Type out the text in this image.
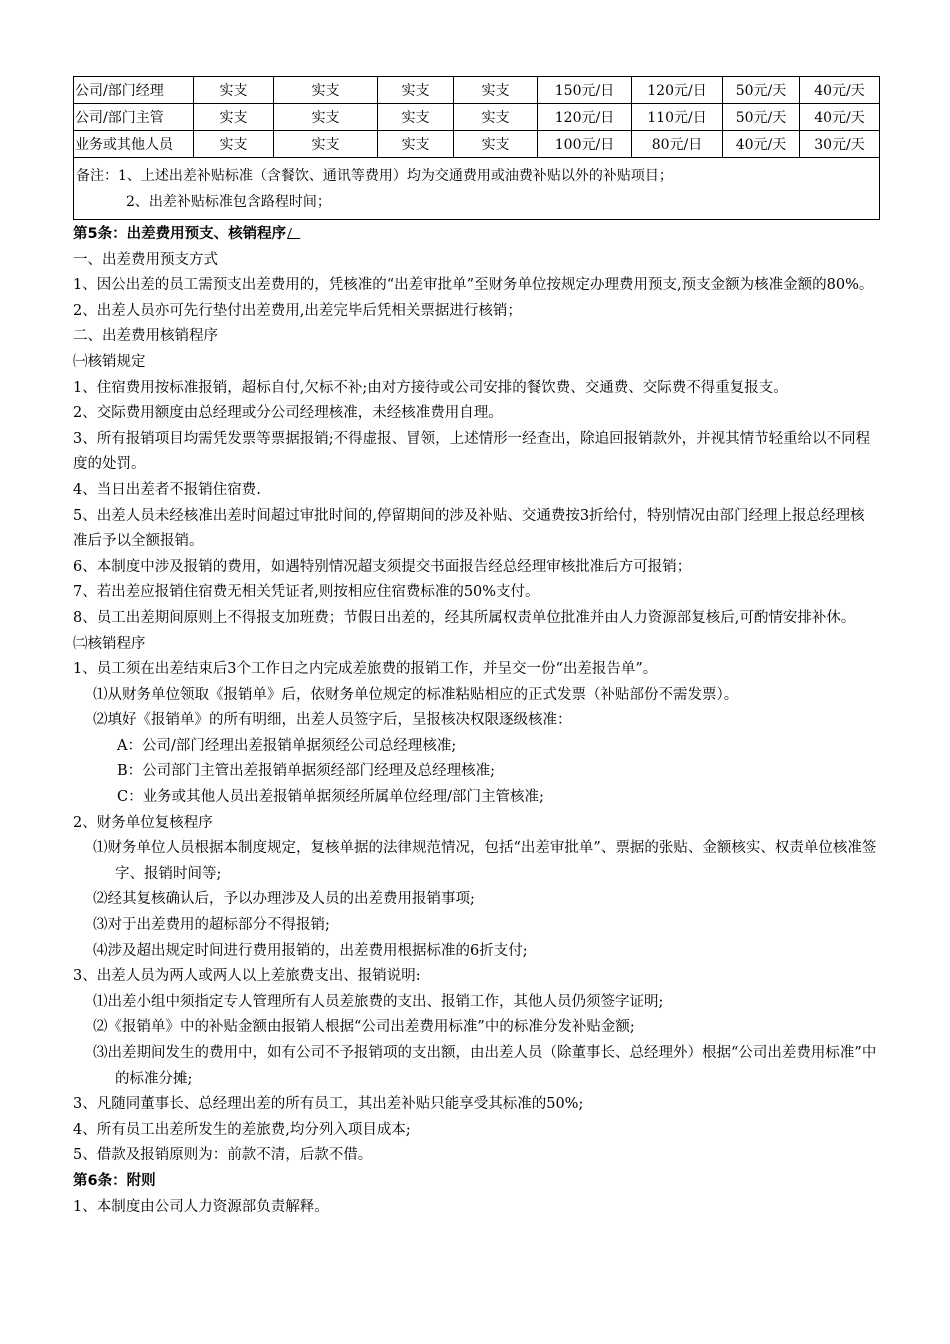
公司/部门经理	实支	实支	实支	实支	150元/日	120元/日	50元/天	40元/天
公司/部门主管	实支	实支	实支	实支	120元/日	110元/日	50元/天	40元/天
业务或其他人员	实支	实支	实支	实支	100元/日	80元/日	40元/天	30元/天

备注：1、上述出差补贴标准（含餐饮、通讯等费用）均为交通费用或油费补贴以外的补贴项目；
2、出差补贴标准包含路程时间；								

第5条：出差费用预支、核销程序

一、出差费用预支方式

1、因公出差的员工需预支出差费用的，凭核准的“出差审批单”至财务单位按规定办理费用预支,预支金额为核准金额的80%。

2、出差人员亦可先行垫付出差费用,出差完毕后凭相关票据进行核销；

二、出差费用核销程序

㈠核销规定

1、住宿费用按标准报销，超标自付,欠标不补;由对方接待或公司安排的餐饮费、交通费、交际费不得重复报支。

2、交际费用额度由总经理或分公司经理核准，未经核准费用自理。

3、所有报销项目均需凭发票等票据报销;不得虚报、冒领，上述情形一经查出，除追回报销款外，并视其情节轻重给以不同程度的处罚。

4、当日出差者不报销住宿费.

5、出差人员未经核准出差时间超过审批时间的,停留期间的涉及补贴、交通费按3折给付，特别情况由部门经理上报总经理核准后予以全额报销。

6、本制度中涉及报销的费用，如遇特别情况超支须提交书面报告经总经理审核批准后方可报销；

7、若出差应报销住宿费无相关凭证者,则按相应住宿费标准的50%支付。

8、员工出差期间原则上不得报支加班费；节假日出差的，经其所属权责单位批准并由人力资源部复核后,可酌情安排补休。

㈡核销程序

1、员工须在出差结束后3个工作日之内完成差旅费的报销工作，并呈交一份“出差报告单”。

⑴从财务单位领取《报销单》后，依财务单位规定的标准粘贴相应的正式发票（补贴部份不需发票）。

⑵填好《报销单》的所有明细，出差人员签字后，呈报核决权限逐级核准：

A：公司/部门经理出差报销单据须经公司总经理核准;

B：公司部门主管出差报销单据须经部门经理及总经理核准;

C：业务或其他人员出差报销单据须经所属单位经理/部门主管核准;

2、财务单位复核程序

⑴财务单位人员根据本制度规定，复核单据的法律规范情况，包括“出差审批单”、票据的张贴、金额核实、权责单位核准签字、报销时间等;

⑵经其复核确认后，予以办理涉及人员的出差费用报销事项;

⑶对于出差费用的超标部分不得报销;

⑷涉及超出规定时间进行费用报销的，出差费用根据标准的6折支付;

3、出差人员为两人或两人以上差旅费支出、报销说明:

⑴出差小组中须指定专人管理所有人员差旅费的支出、报销工作，其他人员仍须签字证明;

⑵《报销单》中的补贴金额由报销人根据“公司出差费用标准”中的标准分发补贴金额;

⑶出差期间发生的费用中，如有公司不予报销项的支出额，由出差人员（除董事长、总经理外）根据“公司出差费用标准”中的标准分摊;

3、凡随同董事长、总经理出差的所有员工，其出差补贴只能享受其标准的50%;

4、所有员工出差所发生的差旅费,均分列入项目成本;

5、借款及报销原则为：前款不清，后款不借。

第6条：附则

1、本制度由公司人力资源部负责解释。
